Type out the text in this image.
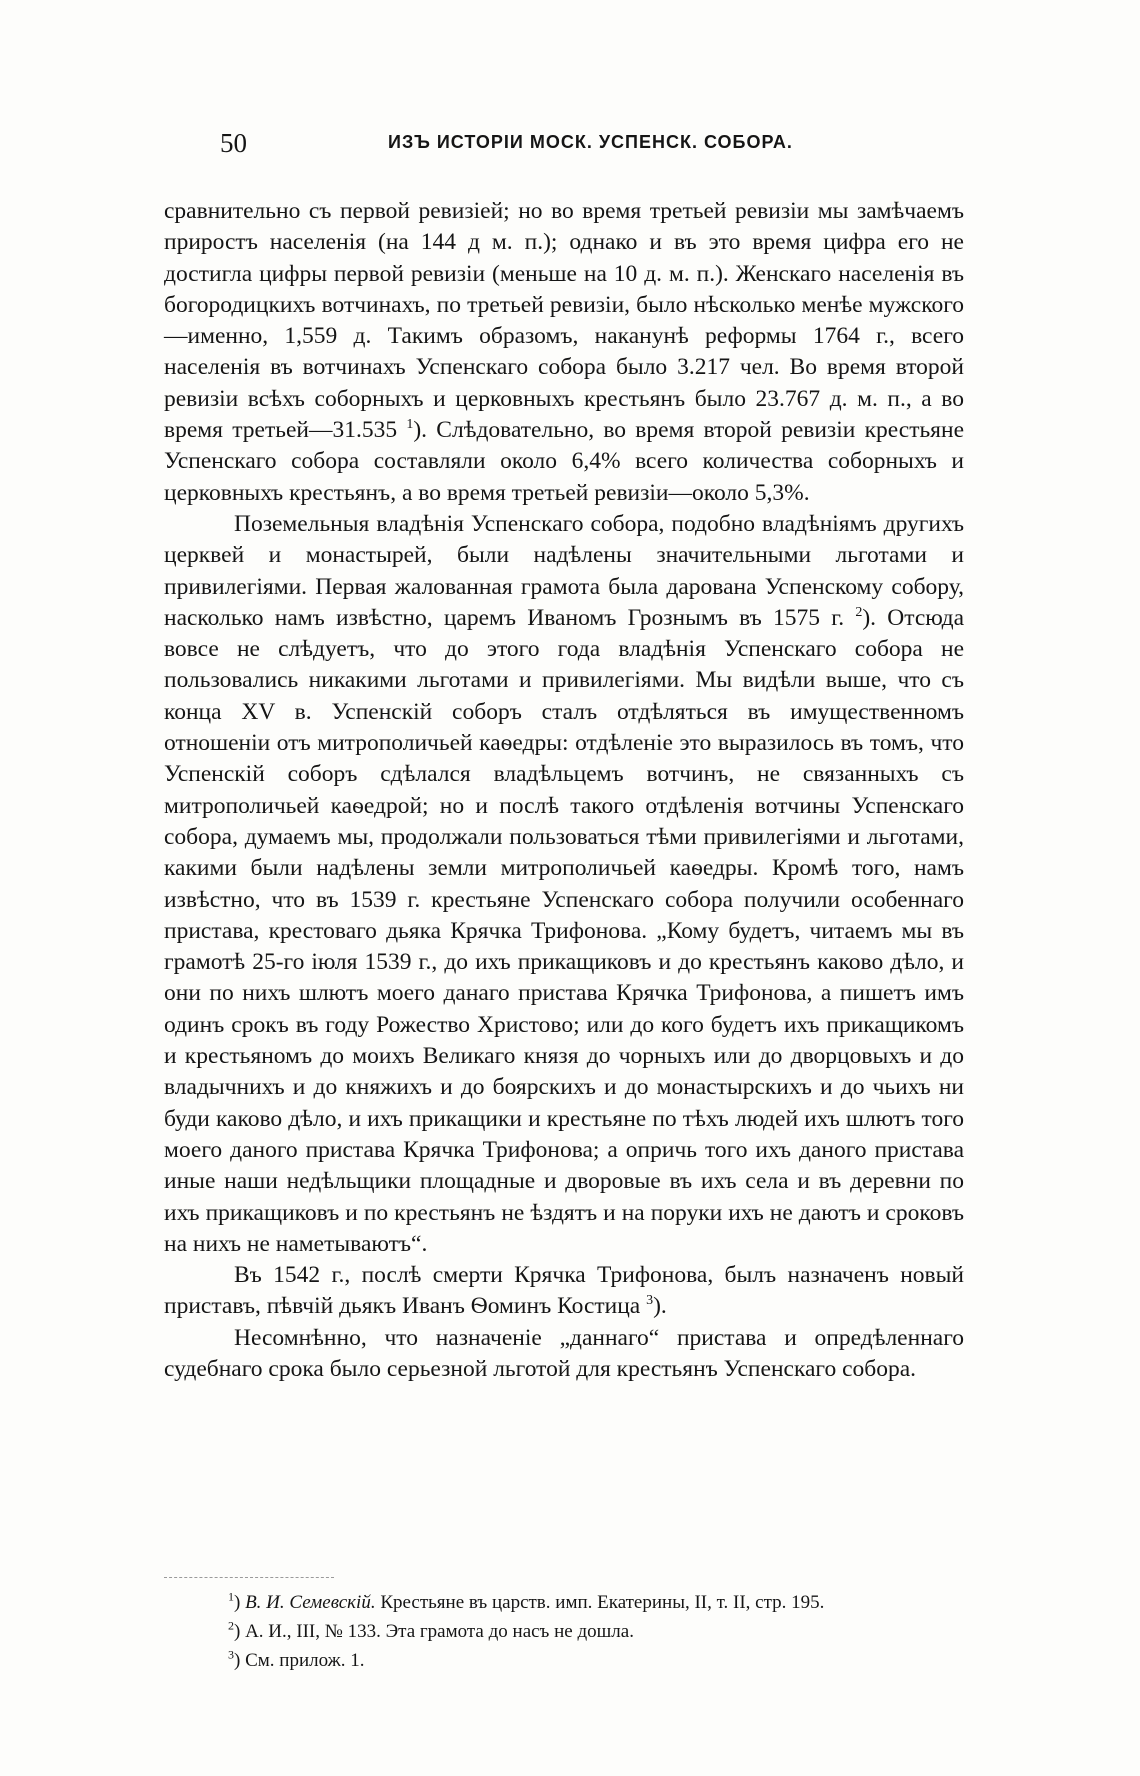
50	ИЗЪ ИСТОРІИ МОСК. УСПЕНСК. СОБОРА.

сравнительно съ первой ревизіей; но во время третьей ревизіи мы замѣчаемъ приростъ населенія (на 144 д м. п.); однако и въ это время цифра его не достигла цифры первой ревизіи (меньше на 10 д. м. п.). Женскаго населенія въ богородицкихъ вотчинахъ, по третьей ревизіи, было нѣсколько менѣе мужского—именно, 1,559 д. Такимъ образомъ, наканунѣ реформы 1764 г., всего населенія въ вотчинахъ Успенскаго собора было 3.217 чел. Во время второй ревизіи всѣхъ соборныхъ и церковныхъ крестьянъ было 23.767 д. м. п., а во время третьей—31.535 $^1$). Слѣдовательно, во время второй ревизіи крестьяне Успенскаго собора составляли около 6,4% всего количества соборныхъ и церковныхъ крестьянъ, а во время третьей ревизіи—около 5,3%.

Поземельныя владѣнія Успенскаго собора, подобно владѣніямъ другихъ церквей и монастырей, были надѣлены значительными льготами и привилегіями. Первая жалованная грамота была дарована Успенскому собору, насколько намъ извѣстно, царемъ Иваномъ Грознымъ въ 1575 г. $^2$). Отсюда вовсе не слѣдуетъ, что до этого года владѣнія Успенскаго собора не пользовались никакими льготами и привилегіями. Мы видѣли выше, что съ конца XV в. Успенскій соборъ сталъ отдѣляться въ имущественномъ отношеніи отъ митрополичьей каѳедры: отдѣленіе это выразилось въ томъ, что Успенскій соборъ сдѣлался владѣльцемъ вотчинъ, не связанныхъ съ митрополичьей каѳедрой; но и послѣ такого отдѣленія вотчины Успенскаго собора, думаемъ мы, продолжали пользоваться тѣми привилегіями и льготами, какими были надѣлены земли митрополичьей каѳедры. Кромѣ того, намъ извѣстно, что въ 1539 г. крестьяне Успенскаго собора получили особеннаго пристава, крестоваго дьяка Крячка Трифонова. „Кому будетъ, читаемъ мы въ грамотѣ 25-го іюля 1539 г., до ихъ прикащиковъ и до крестьянъ каково дѣло, и они по нихъ шлютъ моего данаго пристава Крячка Трифонова, а пишетъ имъ одинъ срокъ въ году Рожество Христово; или до кого будетъ ихъ прикащикомъ и крестьяномъ до моихъ Великаго князя до чорныхъ или до дворцовыхъ и до владычнихъ и до княжихъ и до боярскихъ и до монастырскихъ и до чьихъ ни буди каково дѣло, и ихъ прикащики и крестьяне по тѣхъ людей ихъ шлютъ того моего даного пристава Крячка Трифонова; а опричь того ихъ даного пристава иные наши недѣльщики площадные и дворовые въ ихъ села и въ деревни по ихъ прикащиковъ и по крестьянъ не ѣздятъ и на поруки ихъ не даютъ и сроковъ на нихъ не наметываютъ“.

Въ 1542 г., послѣ смерти Крячка Трифонова, былъ назначенъ новый приставъ, пѣвчій дьякъ Иванъ Ѳоминъ Костица $^3$).

Несомнѣнно, что назначеніе „даннаго“ пристава и опредѣленнаго судебнаго срока было серьезной льготой для крестьянъ Успенскаго собора.

$^1$) В. И. Семевскій. Крестьяне въ царств. имп. Екатерины, II, т. II, стр. 195.
$^2$) А. И., III, № 133. Эта грамота до насъ не дошла.
$^3$) См. прилож. 1.
